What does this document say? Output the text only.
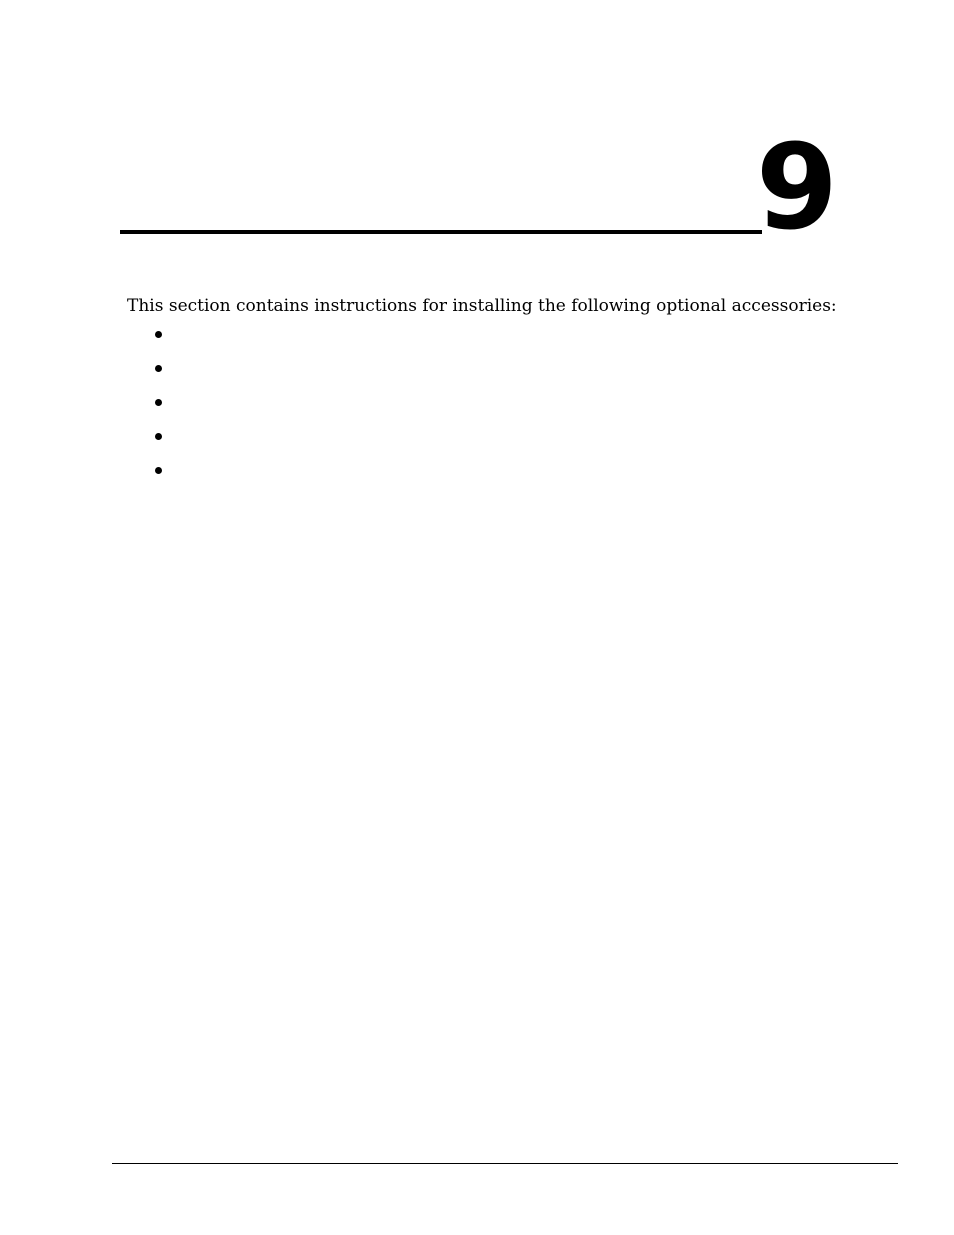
9

This section contains instructions for installing the following optional accessories:
